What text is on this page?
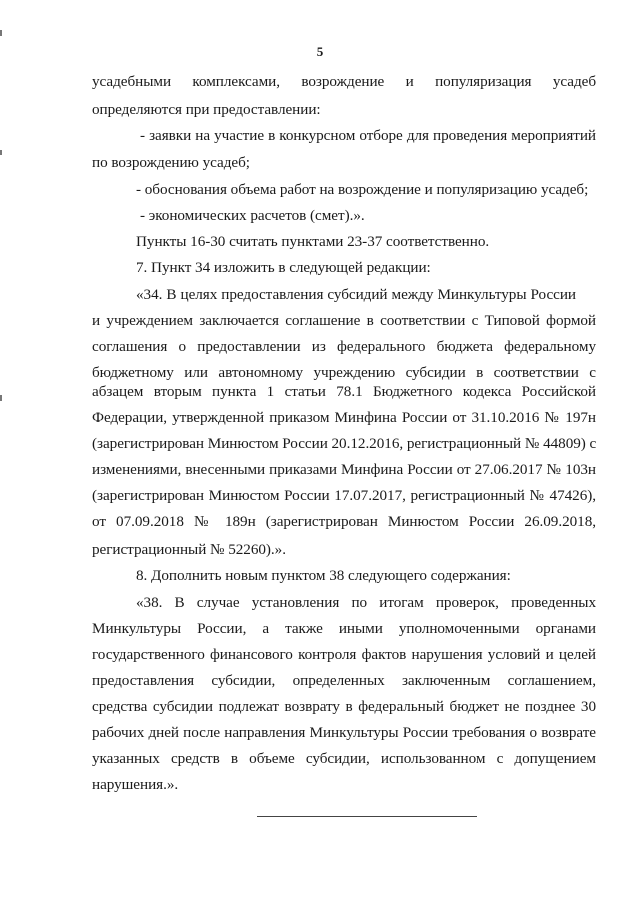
5
усадебными комплексами, возрождение и популяризация усадеб
определяются при предоставлении:
- заявки на участие в конкурсном отборе для проведения мероприятий
по возрождению усадеб;
- обоснования объема работ на возрождение и популяризацию усадеб;
- экономических расчетов (смет).».
Пункты 16-30 считать пунктами 23-37 соответственно.
7. Пункт 34 изложить в следующей редакции:
«34. В целях предоставления субсидий между Минкультуры России
и учреждением заключается соглашение в соответствии с Типовой формой
соглашения о предоставлении из федерального бюджета федеральному
бюджетному или автономному учреждению субсидии в соответствии с
абзацем вторым пункта 1 статьи 78.1 Бюджетного кодекса Российской
Федерации, утвержденной приказом Минфина России от 31.10.2016 № 197н
(зарегистрирован Минюстом России 20.12.2016, регистрационный № 44809) с
изменениями, внесенными приказами Минфина России от 27.06.2017 № 103н
(зарегистрирован Минюстом России 17.07.2017, регистрационный № 47426),
от 07.09.2018 № 189н (зарегистрирован Минюстом России 26.09.2018,
регистрационный № 52260).».
8. Дополнить новым пунктом 38 следующего содержания:
«38. В случае установления по итогам проверок, проведенных
Минкультуры России, а также иными уполномоченными органами
государственного финансового контроля фактов нарушения условий и целей
предоставления субсидии, определенных заключенным соглашением,
средства субсидии подлежат возврату в федеральный бюджет не позднее 30
рабочих дней после направления Минкультуры России требования о возврате
указанных средств в объеме субсидии, использованном с допущением
нарушения.».
